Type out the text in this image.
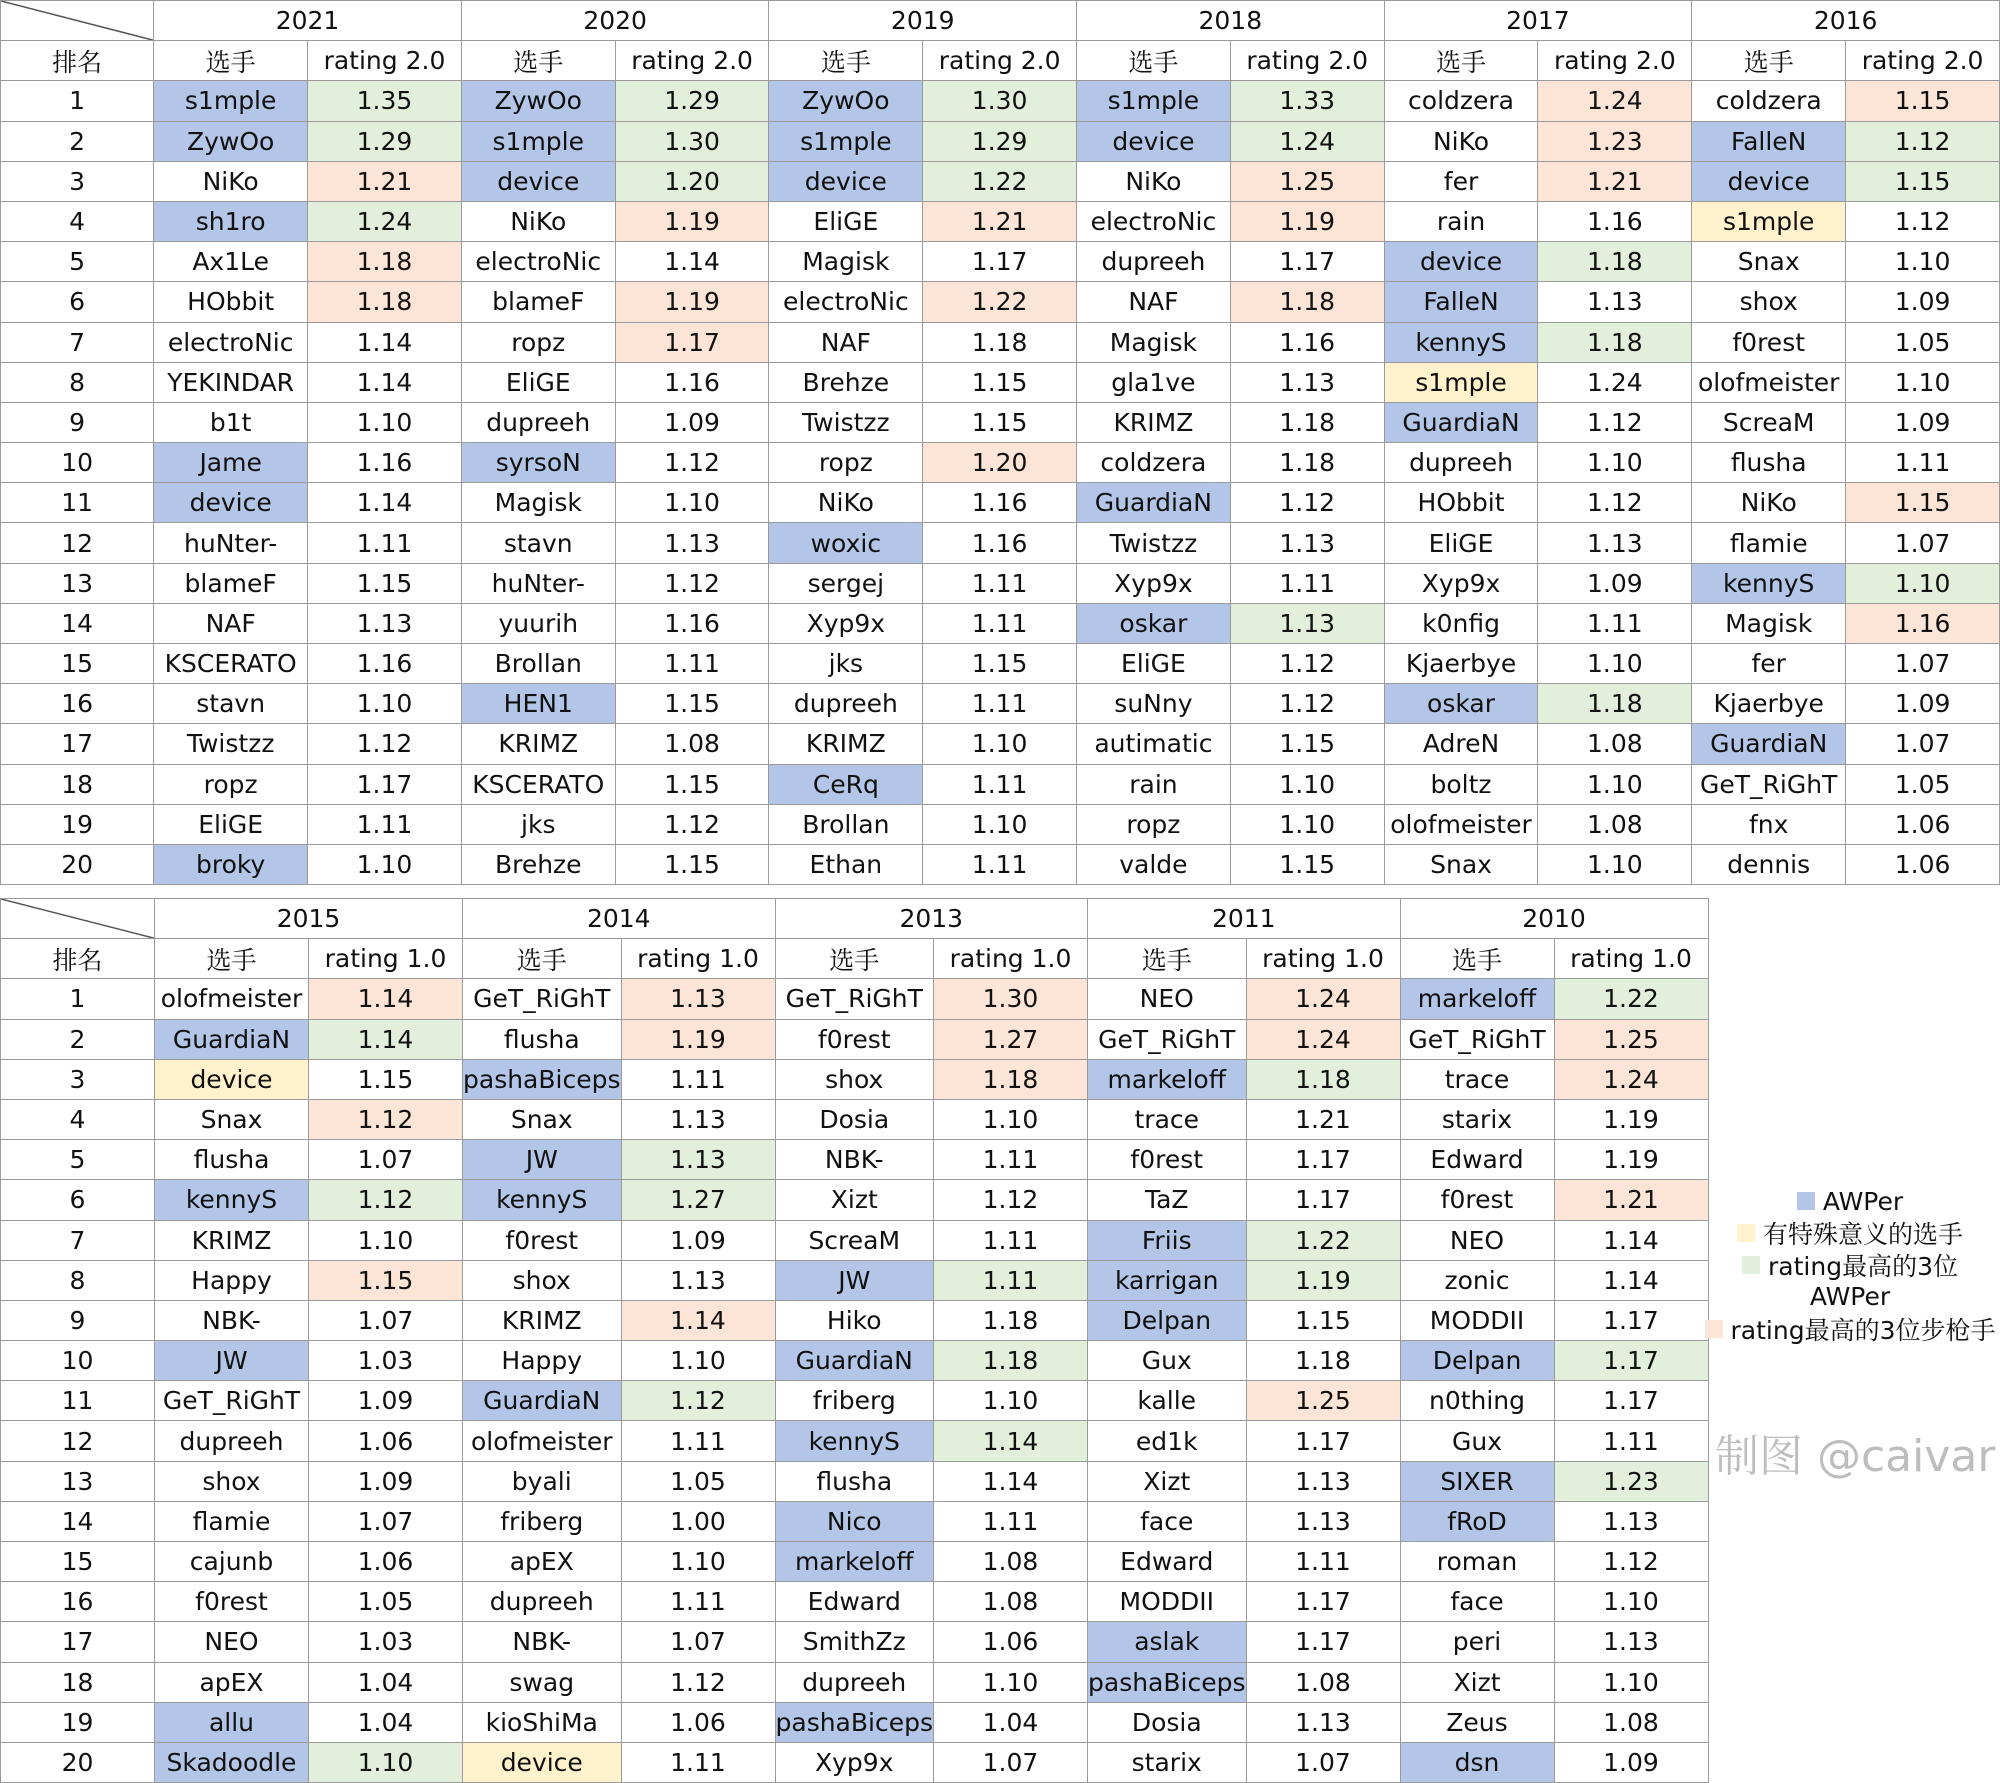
	2021		2020		2019		2018		2017		2016	
排名	选手	rating 2.0	选手	rating 2.0	选手	rating 2.0	选手	rating 2.0	选手	rating 2.0	选手	rating 2.0
1	s1mple	1.35	ZywOo	1.29	ZywOo	1.30	s1mple	1.33	coldzera	1.24	coldzera	1.15
2	ZywOo	1.29	s1mple	1.30	s1mple	1.29	device	1.24	NiKo	1.23	FalleN	1.12
3	NiKo	1.21	device	1.20	device	1.22	NiKo	1.25	fer	1.21	device	1.15
4	sh1ro	1.24	NiKo	1.19	EliGE	1.21	electroNic	1.19	rain	1.16	s1mple	1.12
5	Ax1Le	1.18	electroNic	1.14	Magisk	1.17	dupreeh	1.17	device	1.18	Snax	1.10
6	HObbit	1.18	blameF	1.19	electroNic	1.22	NAF	1.18	FalleN	1.13	shox	1.09
7	electroNic	1.14	ropz	1.17	NAF	1.18	Magisk	1.16	kennyS	1.18	f0rest	1.05
8	YEKINDAR	1.14	EliGE	1.16	Brehze	1.15	gla1ve	1.13	s1mple	1.24	olofmeister	1.10
9	b1t	1.10	dupreeh	1.09	Twistzz	1.15	KRIMZ	1.18	GuardiaN	1.12	ScreaM	1.09
10	Jame	1.16	syrsoN	1.12	ropz	1.20	coldzera	1.18	dupreeh	1.10	flusha	1.11
11	device	1.14	Magisk	1.10	NiKo	1.16	GuardiaN	1.12	HObbit	1.12	NiKo	1.15
12	huNter-	1.11	stavn	1.13	woxic	1.16	Twistzz	1.13	EliGE	1.13	flamie	1.07
13	blameF	1.15	huNter-	1.12	sergej	1.11	Xyp9x	1.11	Xyp9x	1.09	kennyS	1.10
14	NAF	1.13	yuurih	1.16	Xyp9x	1.11	oskar	1.13	k0nfig	1.11	Magisk	1.16
15	KSCERATO	1.16	Brollan	1.11	jks	1.15	EliGE	1.12	Kjaerbye	1.10	fer	1.07
16	stavn	1.10	HEN1	1.15	dupreeh	1.11	suNny	1.12	oskar	1.18	Kjaerbye	1.09
17	Twistzz	1.12	KRIMZ	1.08	KRIMZ	1.10	autimatic	1.15	AdreN	1.08	GuardiaN	1.07
18	ropz	1.17	KSCERATO	1.15	CeRq	1.11	rain	1.10	boltz	1.10	GeT_RiGhT	1.05
19	EliGE	1.11	jks	1.12	Brollan	1.10	ropz	1.10	olofmeister	1.08	fnx	1.06
20	broky	1.10	Brehze	1.15	Ethan	1.11	valde	1.15	Snax	1.10	dennis	1.06
	2015		2014		2013		2011		2010	
排名	选手	rating 1.0	选手	rating 1.0	选手	rating 1.0	选手	rating 1.0	选手	rating 1.0
1	olofmeister	1.14	GeT_RiGhT	1.13	GeT_RiGhT	1.30	NEO	1.24	markeloff	1.22
2	GuardiaN	1.14	flusha	1.19	f0rest	1.27	GeT_RiGhT	1.24	GeT_RiGhT	1.25
3	device	1.15	pashaBiceps	1.11	shox	1.18	markeloff	1.18	trace	1.24
4	Snax	1.12	Snax	1.13	Dosia	1.10	trace	1.21	starix	1.19
5	flusha	1.07	JW	1.13	NBK-	1.11	f0rest	1.17	Edward	1.19
6	kennyS	1.12	kennyS	1.27	Xizt	1.12	TaZ	1.17	f0rest	1.21
7	KRIMZ	1.10	f0rest	1.09	ScreaM	1.11	Friis	1.22	NEO	1.14
8	Happy	1.15	shox	1.13	JW	1.11	karrigan	1.19	zonic	1.14
9	NBK-	1.07	KRIMZ	1.14	Hiko	1.18	Delpan	1.15	MODDII	1.17
10	JW	1.03	Happy	1.10	GuardiaN	1.18	Gux	1.18	Delpan	1.17
11	GeT_RiGhT	1.09	GuardiaN	1.12	friberg	1.10	kalle	1.25	n0thing	1.17
12	dupreeh	1.06	olofmeister	1.11	kennyS	1.14	ed1k	1.17	Gux	1.11
13	shox	1.09	byali	1.05	flusha	1.14	Xizt	1.13	SIXER	1.23
14	flamie	1.07	friberg	1.00	Nico	1.11	face	1.13	fRoD	1.13
15	cajunb	1.06	apEX	1.10	markeloff	1.08	Edward	1.11	roman	1.12
16	f0rest	1.05	dupreeh	1.11	Edward	1.08	MODDII	1.17	face	1.10
17	NEO	1.03	NBK-	1.07	SmithZz	1.06	aslak	1.17	peri	1.13
18	apEX	1.04	swag	1.12	dupreeh	1.10	pashaBiceps	1.08	Xizt	1.10
19	allu	1.04	kioShiMa	1.06	pashaBiceps	1.04	Dosia	1.13	Zeus	1.08
20	Skadoodle	1.10	device	1.11	Xyp9x	1.07	starix	1.07	dsn	1.09
AWPer
有特殊意义的选手
rating最高的3位
AWPer
rating最高的3位步枪手
制图 @caivar
